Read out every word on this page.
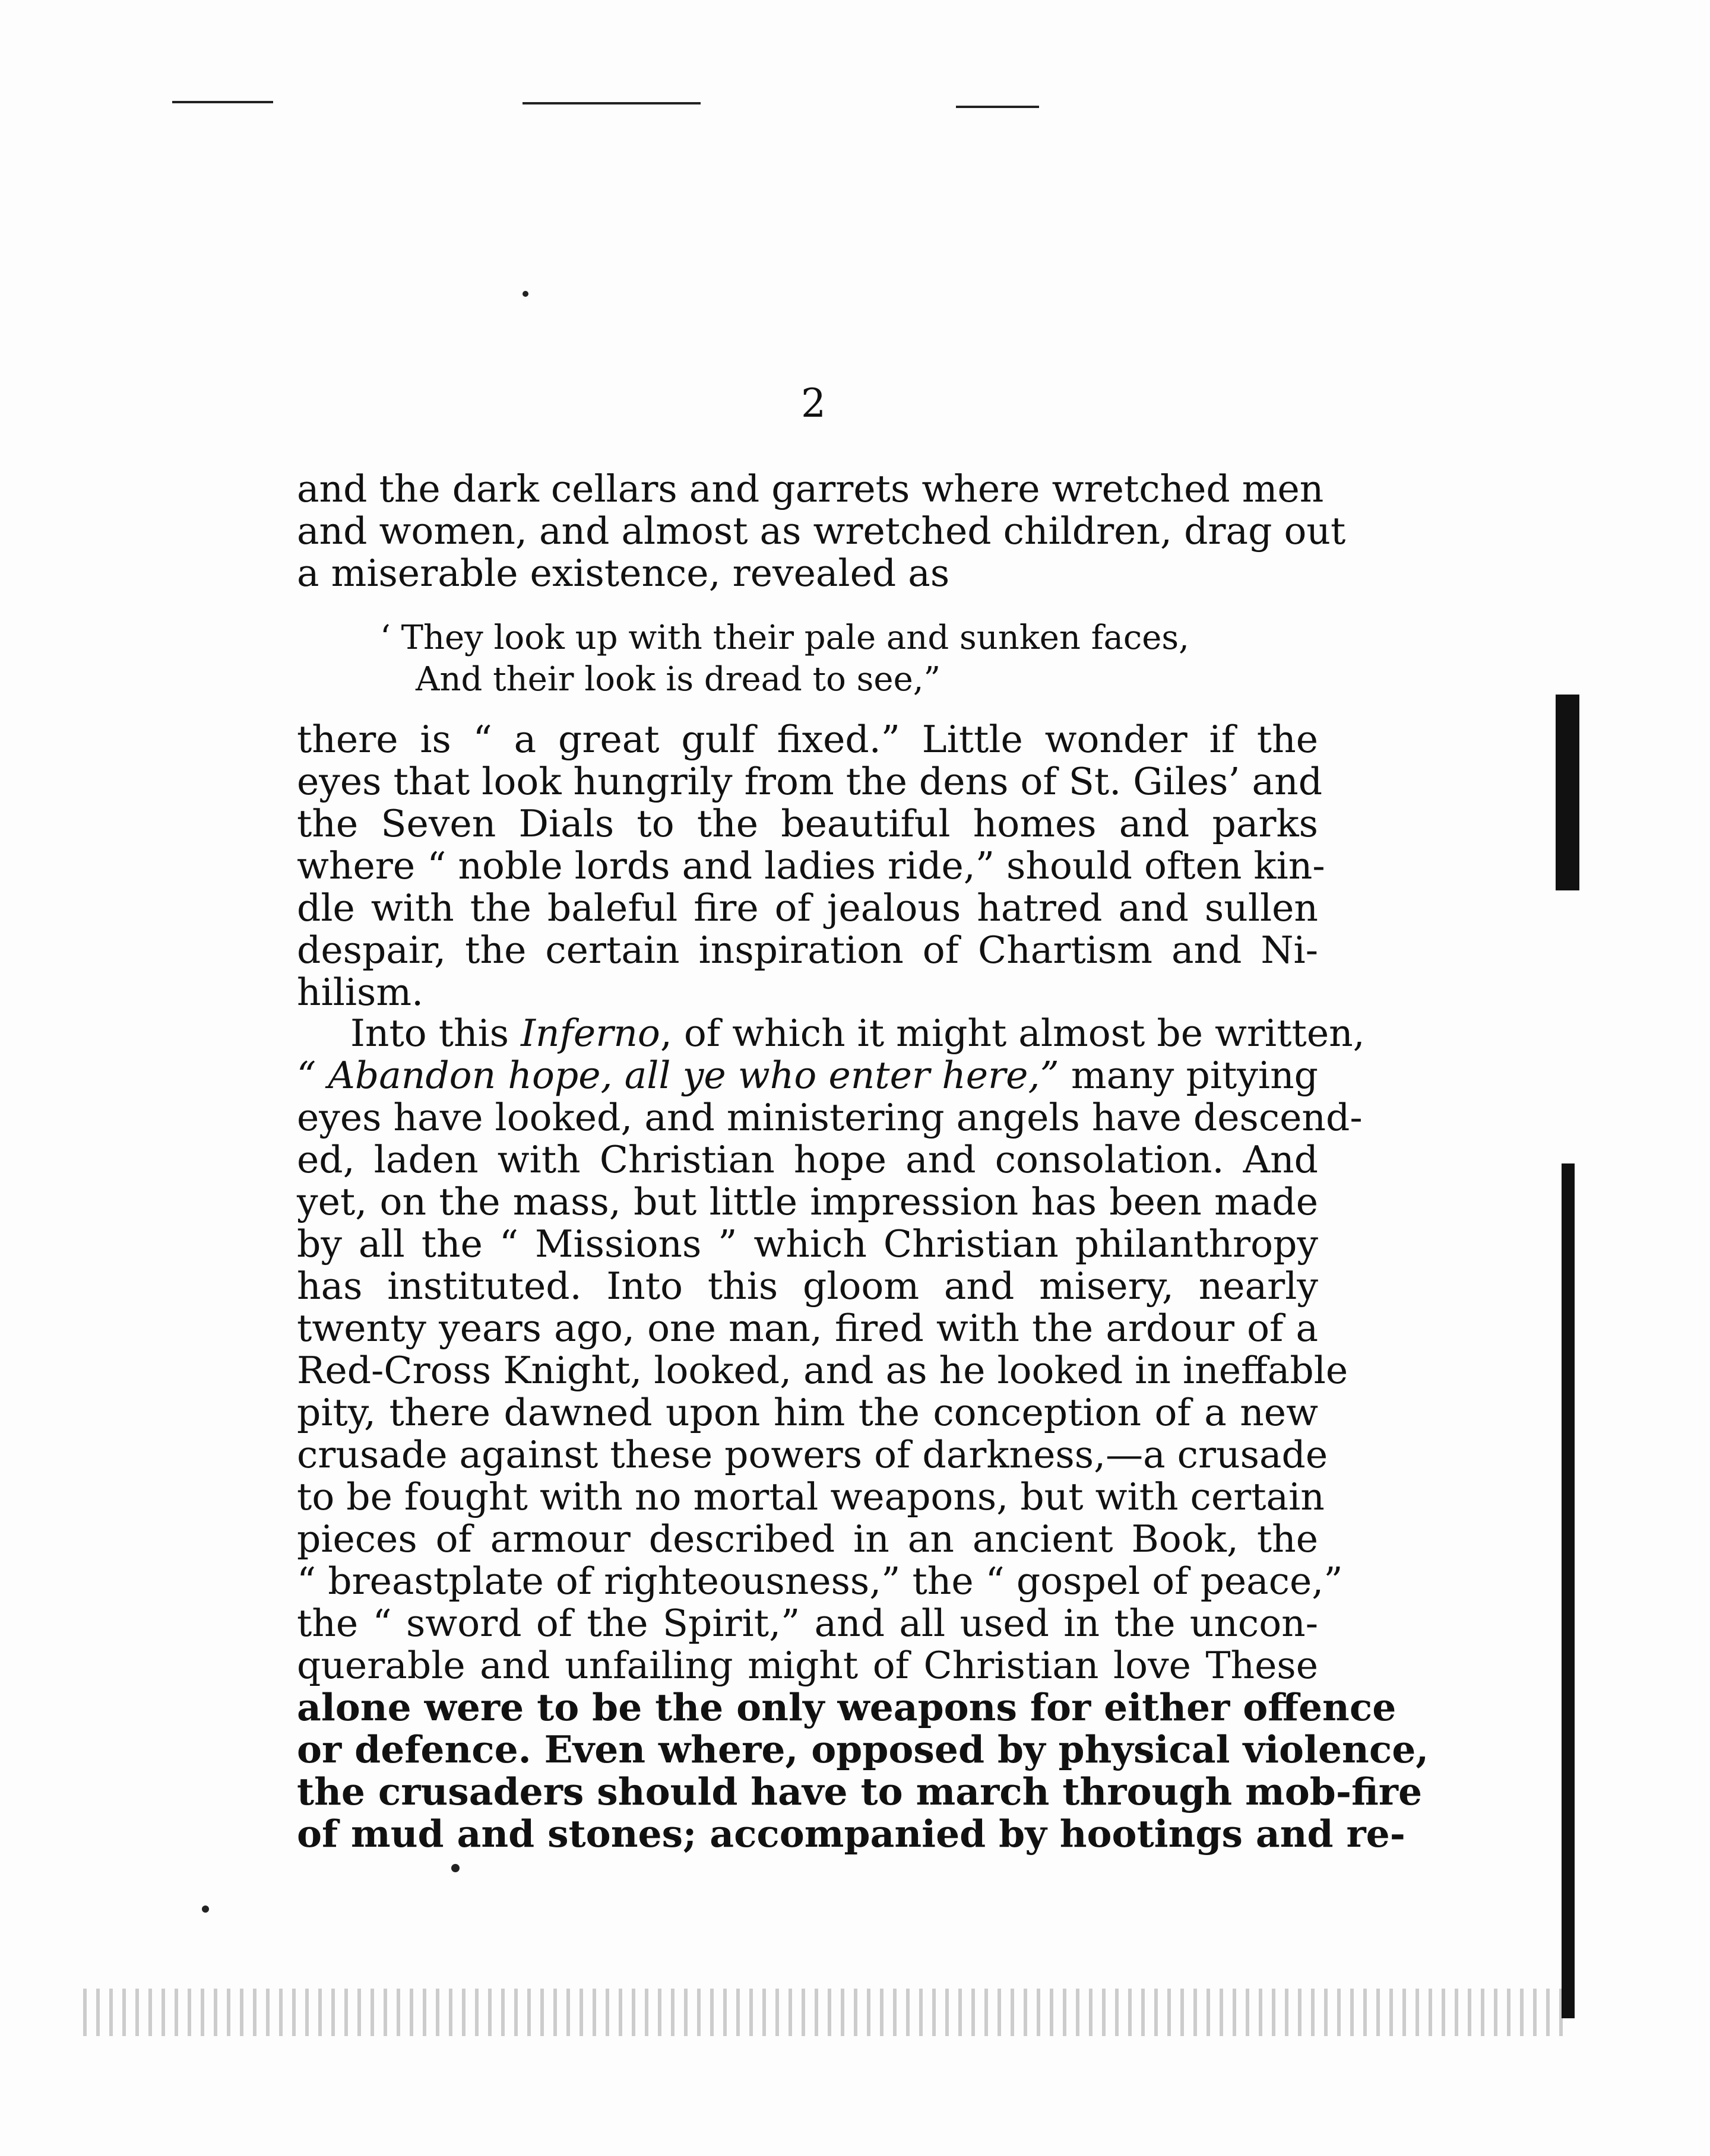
2
and the dark cellars and garrets where wretched men
and women, and almost as wretched children, drag out
a miserable existence, revealed as
‘ They look up with their pale and sunken faces,
And their look is dread to see,”
there is “ a great gulf fixed.” Little wonder if the
eyes that look hungrily from the dens of St. Giles’ and
the Seven Dials to the beautiful homes and parks
where “ noble lords and ladies ride,” should often kin-
dle with the baleful fire of jealous hatred and sullen
despair, the certain inspiration of Chartism and Ni-
hilism.
Into this Inferno, of which it might almost be written,
“ Abandon hope, all ye who enter here,” many pitying
eyes have looked, and ministering angels have descend-
ed, laden with Christian hope and consolation. And
yet, on the mass, but little impression has been made
by all the “ Missions ” which Christian philanthropy
has instituted. Into this gloom and misery, nearly
twenty years ago, one man, fired with the ardour of a
Red-Cross Knight, looked, and as he looked in ineffable
pity, there dawned upon him the conception of a new
crusade against these powers of darkness,—a crusade
to be fought with no mortal weapons, but with certain
pieces of armour described in an ancient Book, the
“ breastplate of righteousness,” the “ gospel of peace,”
the “ sword of the Spirit,” and all used in the uncon-
querable and unfailing might of Christian love These
alone were to be the only weapons for either offence
or defence. Even where, opposed by physical violence,
the crusaders should have to march through mob-fire
of mud and stones; accompanied by hootings and re-
